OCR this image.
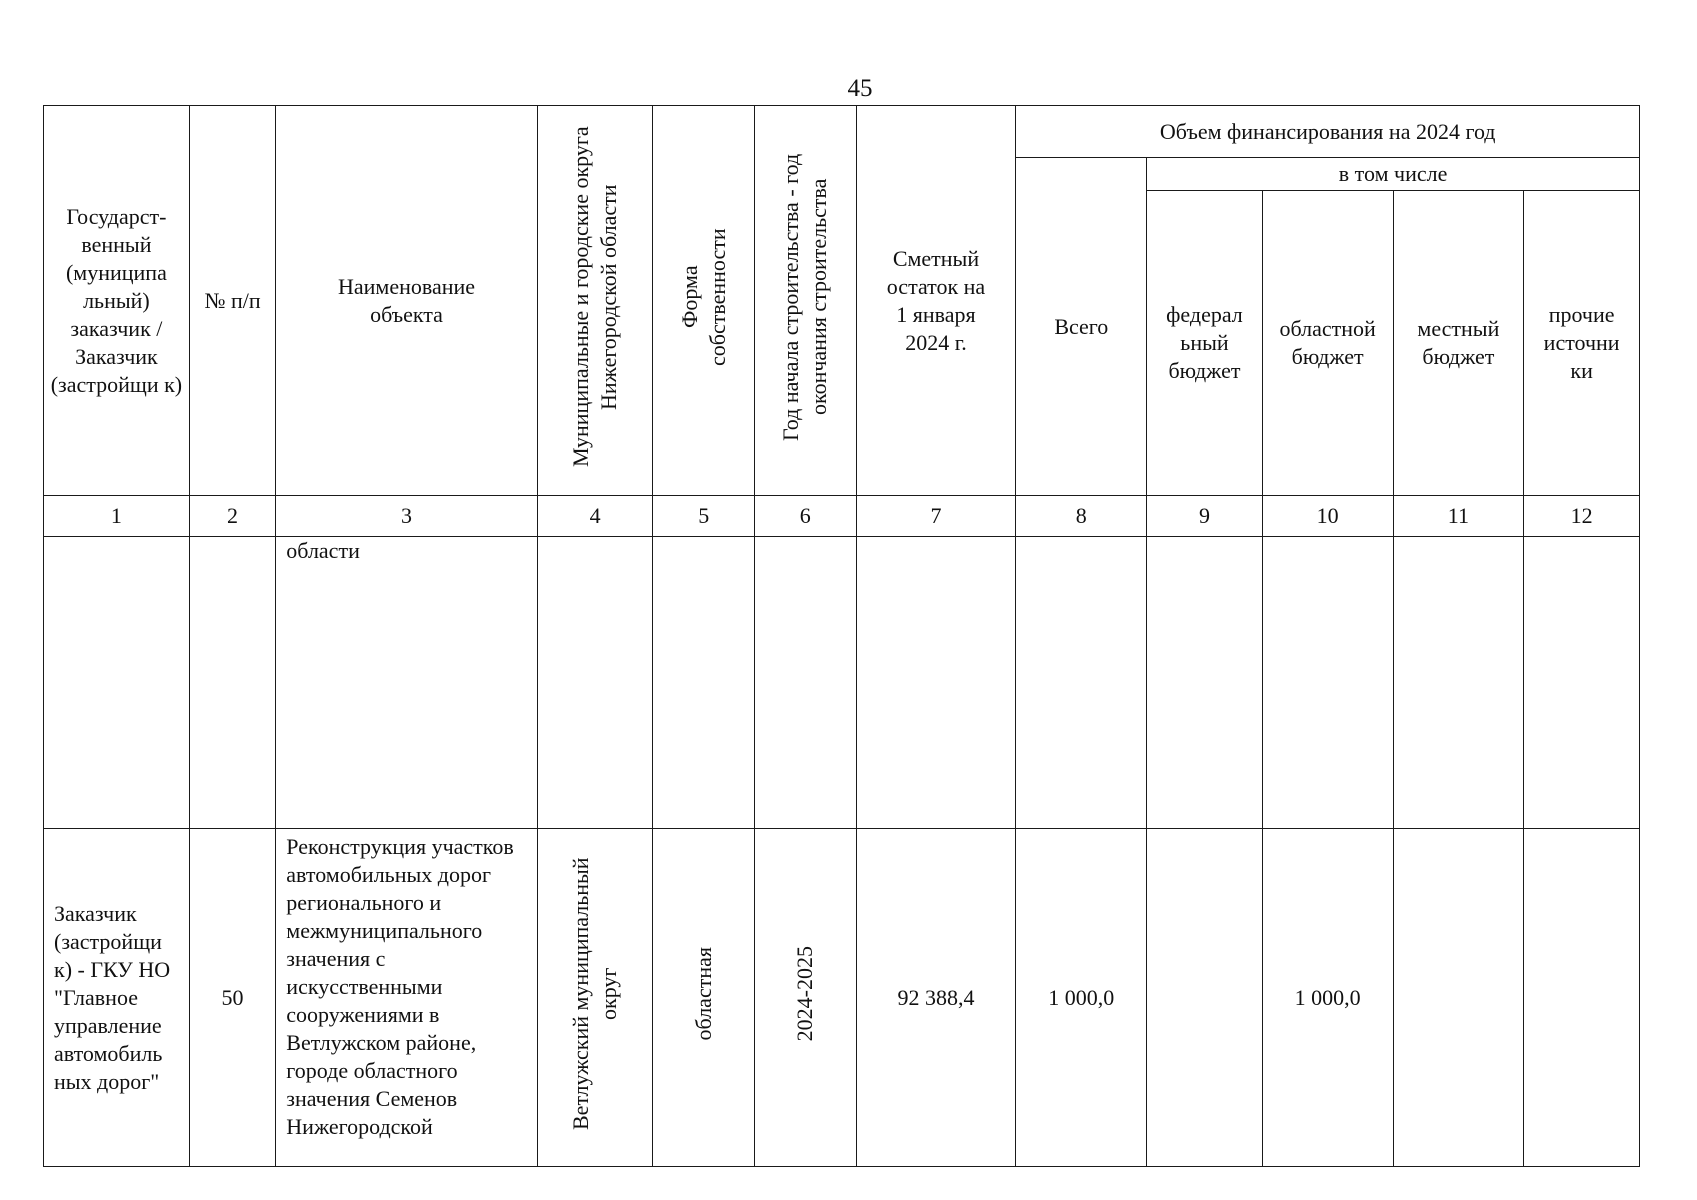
45
Государст-венный (муниципа льный) заказчик / Заказчик (застройщи к)	№ п/п	Наименование объекта	Муниципальные и городские округа Нижегородской области	Форма собственности	Год начала строительства - год окончания строительства	Сметный остаток на 1 января 2024 г.	Объем финансирования на 2024 год				
							Всего	в том числе			
								федерал ьный бюджет	областной бюджет	местный бюджет	прочие источни ки
1	2	3	4	5	6	7	8	9	10	11	12
		области									
Заказчик (застройщи к) - ГКУ НО "Главное управление автомобиль ных дорог"	50	Реконструкция участков автомобильных дорог регионального и межмуниципального значения с искусственными сооружениями в Ветлужском районе, городе областного значения Семенов Нижегородской	Ветлужский муниципальный округ	областная	2024-2025	92 388,4	1 000,0		1 000,0		
